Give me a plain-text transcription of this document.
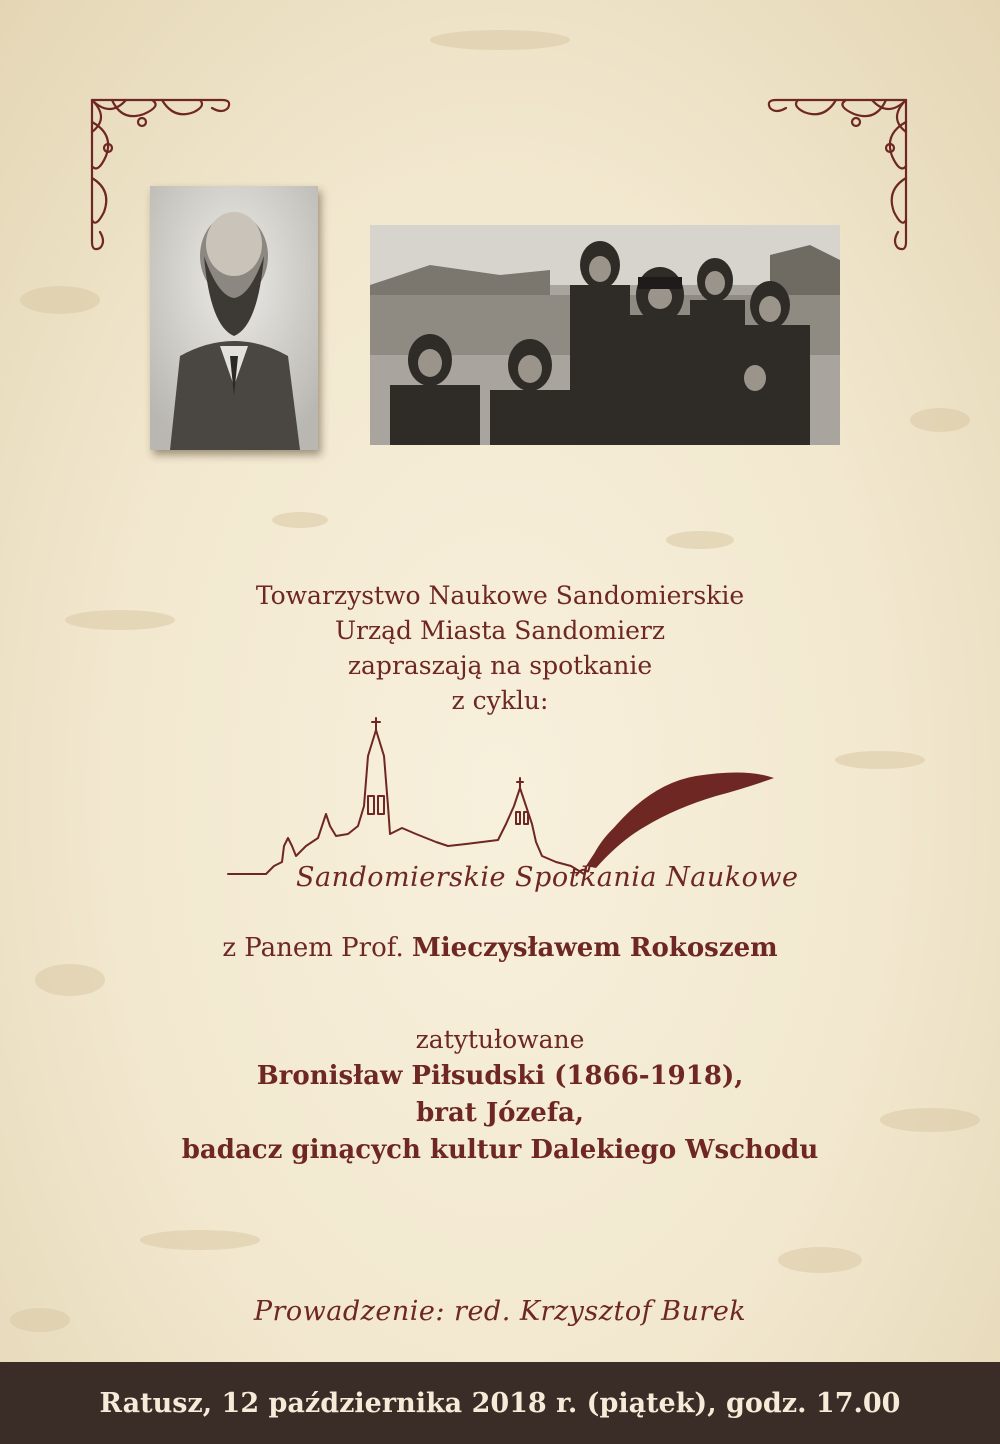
Towarzystwo Naukowe Sandomierskie
Urząd Miasta Sandomierz
zapraszają na spotkanie
z cyklu:
Sandomierskie Spotkania Naukowe
z Panem Prof. Mieczysławem Rokoszem
zatytułowane
Bronisław Piłsudski (1866-1918),
brat Józefa,
badacz ginących kultur Dalekiego Wschodu
Prowadzenie: red. Krzysztof Burek
Ratusz, 12 października 2018 r. (piątek), godz. 17.00
